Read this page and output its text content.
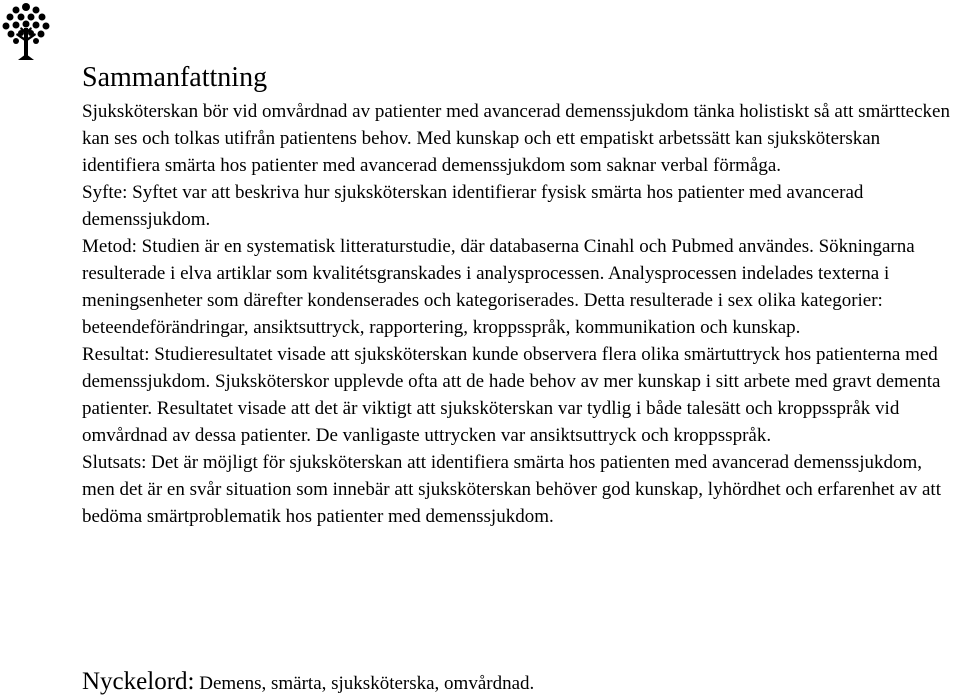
Sammanfattning

Sjuksköterskan bör vid omvårdnad av patienter med avancerad demenssjukdom tänka holistiskt så att smärttecken kan ses och tolkas utifrån patientens behov. Med kunskap och ett empatiskt arbetssätt kan sjuksköterskan identifiera smärta hos patienter med avancerad demenssjukdom som saknar verbal förmåga.

Syfte: Syftet var att beskriva hur sjuksköterskan identifierar fysisk smärta hos patienter med avancerad demenssjukdom.

Metod: Studien är en systematisk litteraturstudie, där databaserna Cinahl och Pubmed användes. Sökningarna resulterade i elva artiklar som kvalitétsgranskades i analysprocessen. Analysprocessen indelades texterna i meningsenheter som därefter kondenserades och kategoriserades. Detta resulterade i sex olika kategorier: beteendeförändringar, ansiktsuttryck, rapportering, kroppsspråk, kommunikation och kunskap.

Resultat: Studieresultatet visade att sjuksköterskan kunde observera flera olika smärtuttryck hos patienterna med demenssjukdom. Sjuksköterskor upplevde ofta att de hade behov av mer kunskap i sitt arbete med gravt dementa patienter. Resultatet visade att det är viktigt att sjuksköterskan var tydlig i både talesätt och kroppsspråk vid omvårdnad av dessa patienter. De vanligaste uttrycken var ansiktsuttryck och kroppsspråk.

Slutsats: Det är möjligt för sjuksköterskan att identifiera smärta hos patienten med avancerad demenssjukdom, men det är en svår situation som innebär att sjuksköterskan behöver god kunskap, lyhördhet och erfarenhet av att bedöma smärtproblematik hos patienter med demenssjukdom.

Nyckelord: Demens, smärta, sjuksköterska, omvårdnad.
